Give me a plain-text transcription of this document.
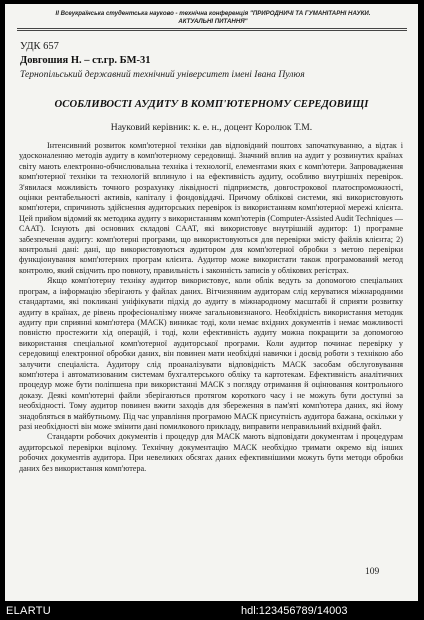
ІІ Всеукраїнська студентська науково - технічна конференція "ПРИРОДНИЧІ ТА ГУМАНІТАРНІ НАУКИ.
АКТУАЛЬНІ ПИТАННЯ"
УДК 657
Довгошия Н. – ст.гр. БМ-31
Тернопільський державний технічний університет імені Івана Пулюя
ОСОБЛИВОСТІ АУДИТУ В КОМП'ЮТЕРНОМУ СЕРЕДОВИЩІ
Науковий керівник: к. е. н., доцент Королюк Т.М.

Інтенсивний розвиток комп'ютерної техніки дав відповідний поштовх започаткуванню, а відтак і удосконаленню методів аудиту в комп'ютерному середовищі. Значний вплив на аудит у розвинутих країнах світу мають електронно-обчислювальна техніка і технології, елементами яких є комп'ютери. Запровадження комп'ютерної техніки та технологій вплинуло і на ефективність аудиту, особливо внутрішніх перевірок. З'явилася можливість точного розрахунку ліквідності підприємств, довгострокової платоспроможності, оцінки рентабельності активів, капіталу і фондовіддачі. Причому облікові системи, які використовують комп'ютери, спричиноть здійснення аудиторських перевірок із використанням комп'ютерної мережі клієнта. Цей прийом відомий як методика аудиту з використанням комп'ютерів (Computer-Assisted Audit Techniques — CAAT). Існують дві основних складові CAAT, які використовує внутрішній аудитор: 1) програмне забезпечення аудиту: комп'ютерні програми, що використовуються для перевірки змісту файлів клієнта; 2) контрольні дані: дані, що використовуються аудитором для комп'ютерної обробки з метою перевірки функціонування комп'ютерних програм клієнта. Аудитор може використати також програмований метод контролю, який свідчить про повноту, правильність і законність записів у облікових регістрах.

Якщо комп'ютерну техніку аудитор використовує, коли облік ведуть за допомогою спеціальних програм, а інформацію зберігають у файлах даних. Вітчизняним аудиторам слід керуватися міжнародними стандартами, які покликані уніфікувати підхід до аудиту в міжнародному масштабі й сприяти розвитку аудиту в країнах, де рівень професіоналізму нижче загальновизнаного. Необхідність використання методик аудиту при сприянні комп'ютера (МАСК) виникає тоді, коли немає вхідних документів і немає можливості повністю простежити хід операцій, і тоді, коли ефективність аудиту можна покращити за допомогою використання спеціальної комп'ютерної аудиторської програми. Коли аудитор починає перевірку у середовищі електронної обробки даних, він повинен мати необхідні навички і досвід роботи з технікою або залучити спеціаліста. Аудитору слід проаналізувати відповідність МАСК засобам обслуговування комп'ютера і автоматизованим системам бухгалтерського обліку та картотекам. Ефективність аналітичних процедур може бути поліпшена при використанні МАСК з погляду отримання й оцінювання контрольного доказу. Деякі комп'ютерні файли зберігаються протягом короткого часу і не можуть бути доступні за необхідності. Тому аудитор повинен вжити заходів для збереження в пам'яті комп'ютера даних, які йому знадобляться в майбутньому. Під час управління програмою МАСК присутність аудитора бажана, оскільки у разі необхідності він може змінити дані помилкового прикладу, виправити неправильний вхідний файл.

Стандарти робочих документів і процедур для МАСК мають відповідати документам і процедурам аудиторської перевірки вцілому. Технічну документацію МАСК необхідно тримати окремо від інших робочих документів аудитора. При невеликих обсягах даних ефективнішими можуть бути методи обробки даних без використання комп'ютера.

109
ELARTU	hdl:123456789/14003
